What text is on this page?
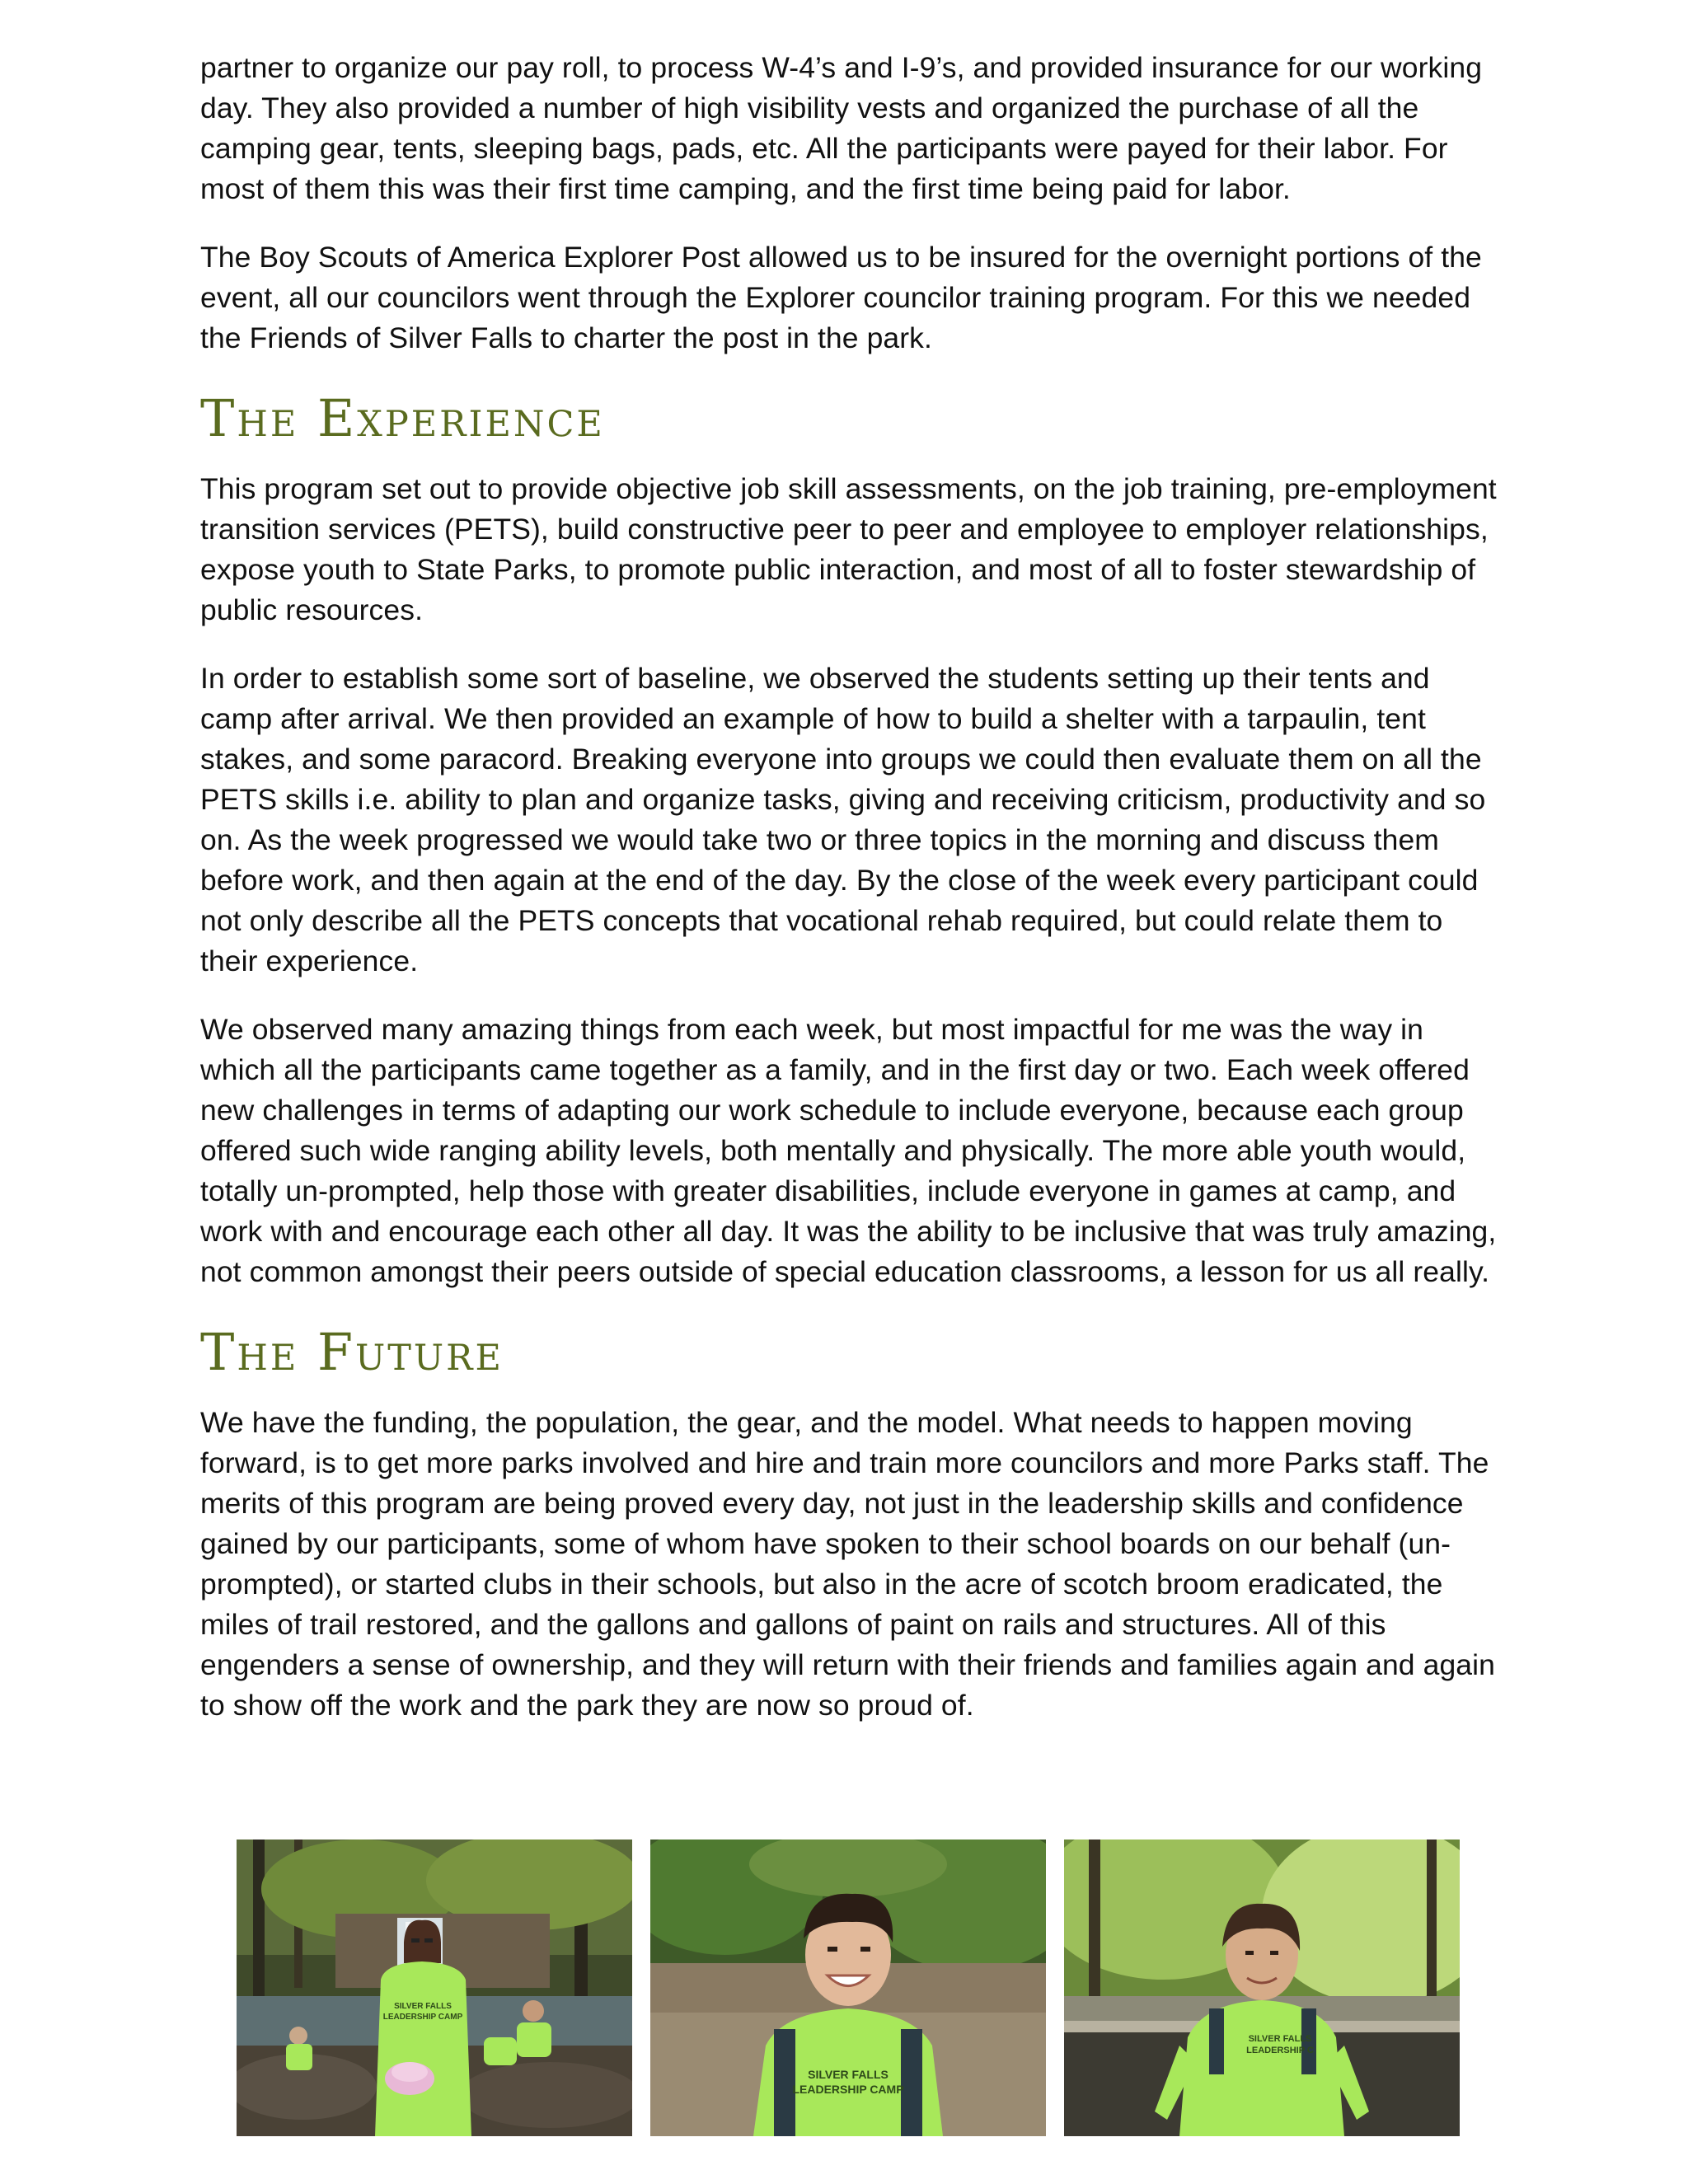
partner to organize our pay roll, to process W-4’s and I-9’s, and provided insurance for our working day. They also provided a number of high visibility vests and organized the purchase of all the camping gear, tents, sleeping bags, pads, etc. All the participants were payed for their labor. For most of them this was their first time camping, and the first time being paid for labor.

The Boy Scouts of America Explorer Post allowed us to be insured for the overnight portions of the event, all our councilors went through the Explorer councilor training program. For this we needed the Friends of Silver Falls to charter the post in the park.

The Experience

This program set out to provide objective job skill assessments, on the job training, pre-employment transition services (PETS), build constructive peer to peer and employee to employer relationships, expose youth to State Parks, to promote public interaction, and most of all to foster stewardship of public resources.

In order to establish some sort of baseline, we observed the students setting up their tents and camp after arrival. We then provided an example of how to build a shelter with a tarpaulin, tent stakes, and some paracord. Breaking everyone into groups we could then evaluate them on all the PETS skills i.e. ability to plan and organize tasks, giving and receiving criticism, productivity and so on. As the week progressed we would take two or three topics in the morning and discuss them before work, and then again at the end of the day. By the close of the week every participant could not only describe all the PETS concepts that vocational rehab required, but could relate them to their experience.

We observed many amazing things from each week, but most impactful for me was the way in which all the participants came together as a family, and in the first day or two. Each week offered new challenges in terms of adapting our work schedule to include everyone, because each group offered such wide ranging ability levels, both mentally and physically. The more able youth would, totally un-prompted, help those with greater disabilities, include everyone in games at camp, and work with and encourage each other all day. It was the ability to be inclusive that was truly amazing, not common amongst their peers outside of special education classrooms, a lesson for us all really.

The Future

We have the funding, the population, the gear, and the model. What needs to happen moving forward, is to get more parks involved and hire and train more councilors and more Parks staff. The merits of this program are being proved every day, not just in the leadership skills and confidence gained by our participants, some of whom have spoken to their school boards on our behalf (un-prompted), or started clubs in their schools, but also in the acre of scotch broom eradicated, the miles of trail restored, and the gallons and gallons of paint on rails and structures. All of this engenders a sense of ownership, and they will return with their friends and families again and again to show off the work and the park they are now so proud of.

SILVER FALLS
LEADERSHIP CAMP
SILVER FALLS
LEADERSHIP CAMP
SILVER FALLS
LEADERSHIP C
